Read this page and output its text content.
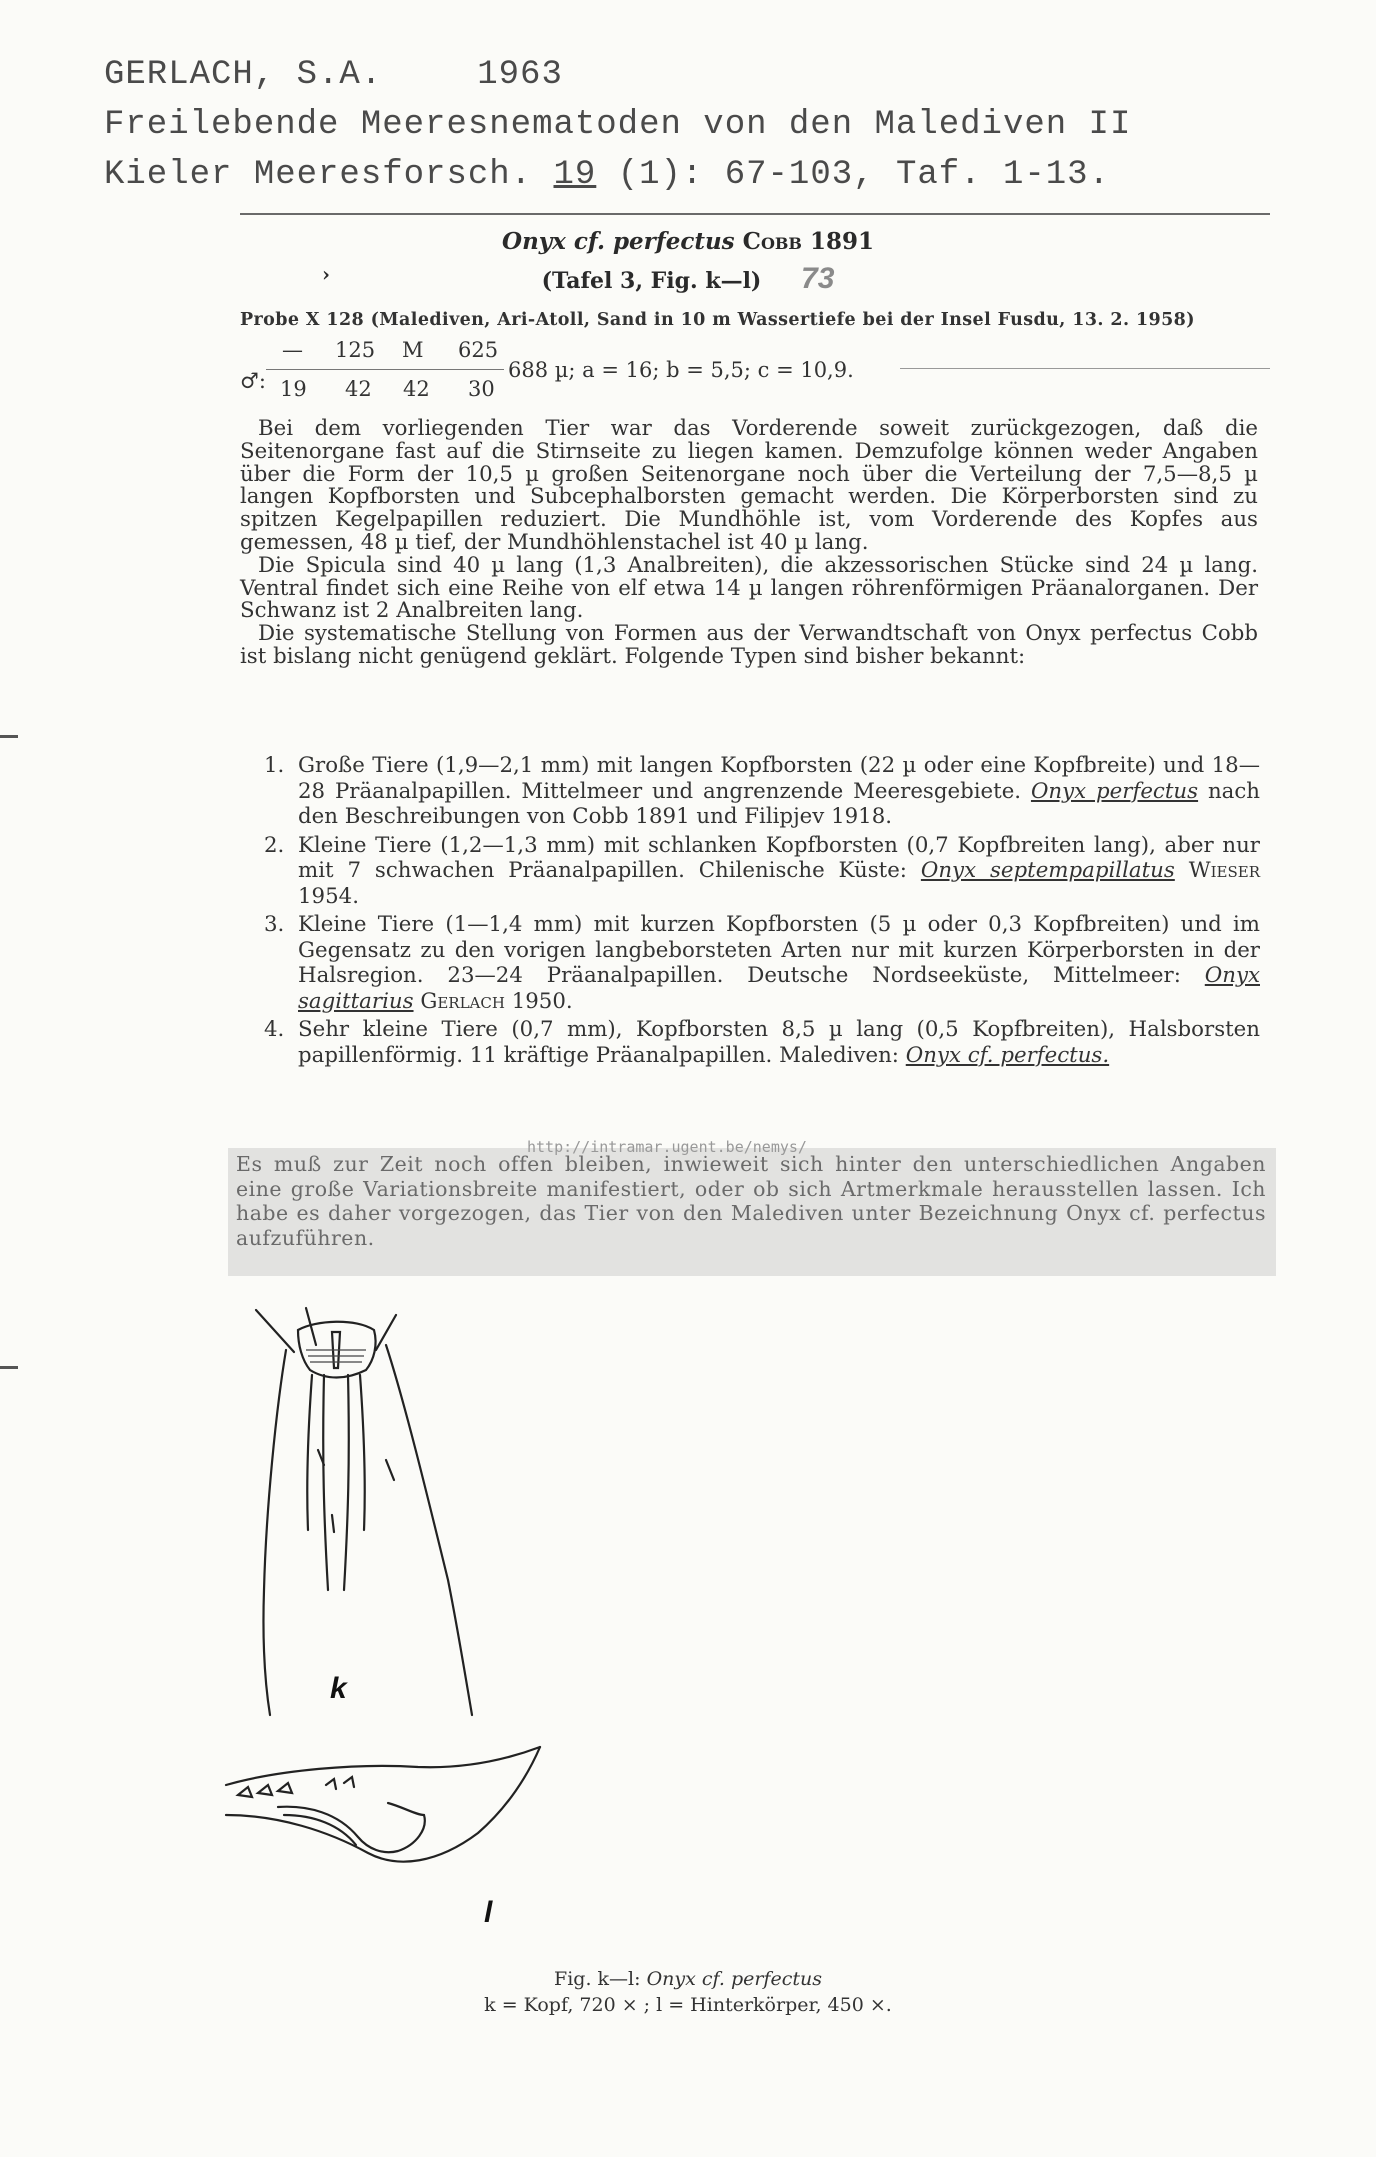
GERLACH, S.A.	1963
Freilebende Meeresnematoden von den Malediven II
Kieler Meeresforsch. 19 (1): 67-103, Taf. 1-13.
Onyx cf. perfectus Cobb 1891
(Tafel 3, Fig. k—l) 73
›
Probe X 128 (Malediven, Ari-Atoll, Sand in 10 m Wassertiefe bei der Insel Fusdu, 13. 2. 1958)
♂:
— 125 M 625
19 42 42 30
688 µ; a = 16; b = 5,5; c = 10,9.

Bei dem vorliegenden Tier war das Vorderende soweit zurückgezogen, daß die Seitenorgane fast auf die Stirnseite zu liegen kamen. Demzufolge können weder Angaben über die Form der 10,5 µ großen Seitenorgane noch über die Verteilung der 7,5—8,5 µ langen Kopfborsten und Subcephalborsten gemacht werden. Die Körperborsten sind zu spitzen Kegelpapillen reduziert. Die Mundhöhle ist, vom Vorderende des Kopfes aus gemessen, 48 µ tief, der Mundhöhlenstachel ist 40 µ lang.

Die Spicula sind 40 µ lang (1,3 Analbreiten), die akzessorischen Stücke sind 24 µ lang. Ventral findet sich eine Reihe von elf etwa 14 µ langen röhrenförmigen Präanalorganen. Der Schwanz ist 2 Analbreiten lang.

Die systematische Stellung von Formen aus der Verwandtschaft von Onyx perfectus Cobb ist bislang nicht genügend geklärt. Folgende Typen sind bisher bekannt:

1. Große Tiere (1,9—2,1 mm) mit langen Kopfborsten (22 µ oder eine Kopfbreite) und 18—28 Präanalpapillen. Mittelmeer und angrenzende Meeresgebiete. Onyx perfectus nach den Beschreibungen von Cobb 1891 und Filipjev 1918.
2. Kleine Tiere (1,2—1,3 mm) mit schlanken Kopfborsten (0,7 Kopfbreiten lang), aber nur mit 7 schwachen Präanalpapillen. Chilenische Küste: Onyx septempapillatus Wieser 1954.
3. Kleine Tiere (1—1,4 mm) mit kurzen Kopfborsten (5 µ oder 0,3 Kopfbreiten) und im Gegensatz zu den vorigen langbeborsteten Arten nur mit kurzen Körperborsten in der Halsregion. 23—24 Präanalpapillen. Deutsche Nordseeküste, Mittelmeer: Onyx sagittarius Gerlach 1950.
4. Sehr kleine Tiere (0,7 mm), Kopfborsten 8,5 µ lang (0,5 Kopfbreiten), Halsborsten papillenförmig. 11 kräftige Präanalpapillen. Malediven: Onyx cf. perfectus.
http://intramar.ugent.be/nemys/

Es muß zur Zeit noch offen bleiben, inwieweit sich hinter den unterschiedlichen Angaben eine große Variationsbreite manifestiert, oder ob sich Artmerkmale herausstellen lassen. Ich habe es daher vorgezogen, das Tier von den Malediven unter Bezeichnung Onyx cf. perfectus aufzuführen.

k
l
Fig. k—l: Onyx cf. perfectus
k = Kopf, 720 × ; l = Hinterkörper, 450 ×.
